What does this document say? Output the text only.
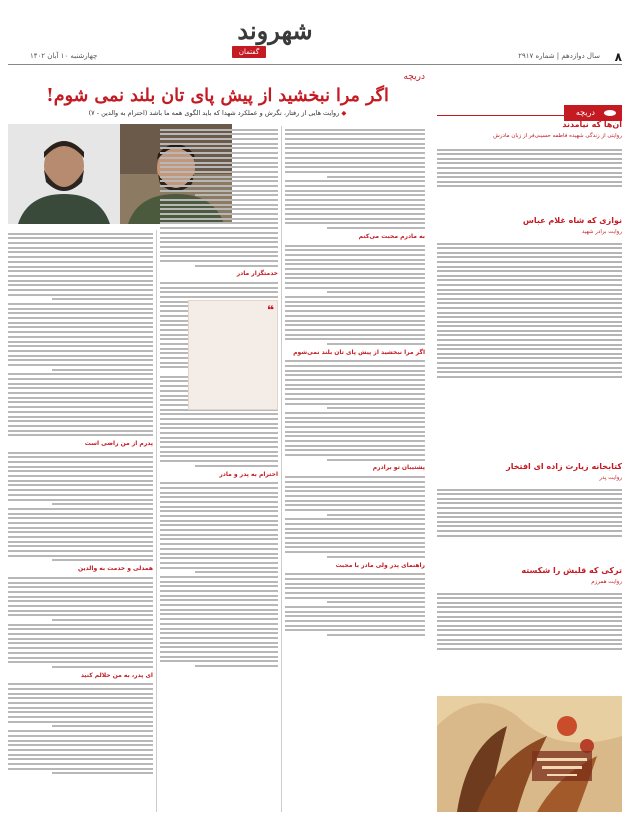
۸
شهروند
گفتمان
چهارشنبه ۱۰ آبان ۱۴۰۲	سال دوازدهم | شماره ۲۹۱۷
دریچه
اگر مرا نبخشید از پیش پای تان بلند نمی شوم!
◆ روایت هایی از رفتار، نگرش و عملکرد شهدا که باید الگوی همه ما باشد (احترام به والدین - ۷)
به مادرم محبت می‌کنم
اگر مرا نبخشید از پیش پای تان بلند نمی‌شوم
پشتیبان تو برادرم
راهنمای پدر ولی مادر با محبت
خدمتگزار مادر
احترام به پدر و مادر
❝
پدرم از من راضی است
همدلی و خدمت به والدین
ای پدر، به من حلالم کنید
دریچه
آن‌ها که نیامدند
روایتی از زندگی شهیده فاطمه حسینی‌فر از زبان مادرش
نوازی که شاه غلام عباس
روایت برادر شهید
کتابخانه زیارت زاده ای افتخار
روایت پدر
ترکی که قلبش را شکسته
روایت همرزم
